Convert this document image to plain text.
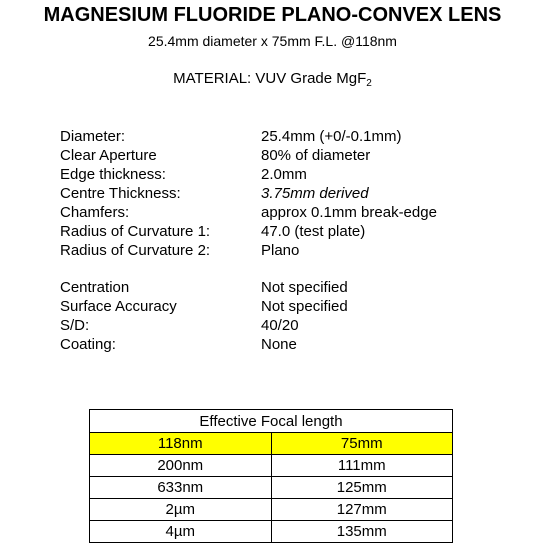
MAGNESIUM FLUORIDE PLANO-CONVEX LENS
25.4mm diameter x 75mm F.L. @118nm
MATERIAL: VUV Grade MgF$_2$
Diameter:	25.4mm (+0/-0.1mm)
Clear Aperture	80% of diameter
Edge thickness:	2.0mm
Centre Thickness:	3.75mm derived
Chamfers:	approx 0.1mm break-edge
Radius of Curvature 1:	47.0 (test plate)
Radius of Curvature 2:	Plano
Centration	Not specified
Surface Accuracy	Not specified
S/D:	40/20
Coating:	None
Effective Focal length	
118nm	75mm
200nm	111mm
633nm	125mm
2µm	127mm
4µm	135mm
